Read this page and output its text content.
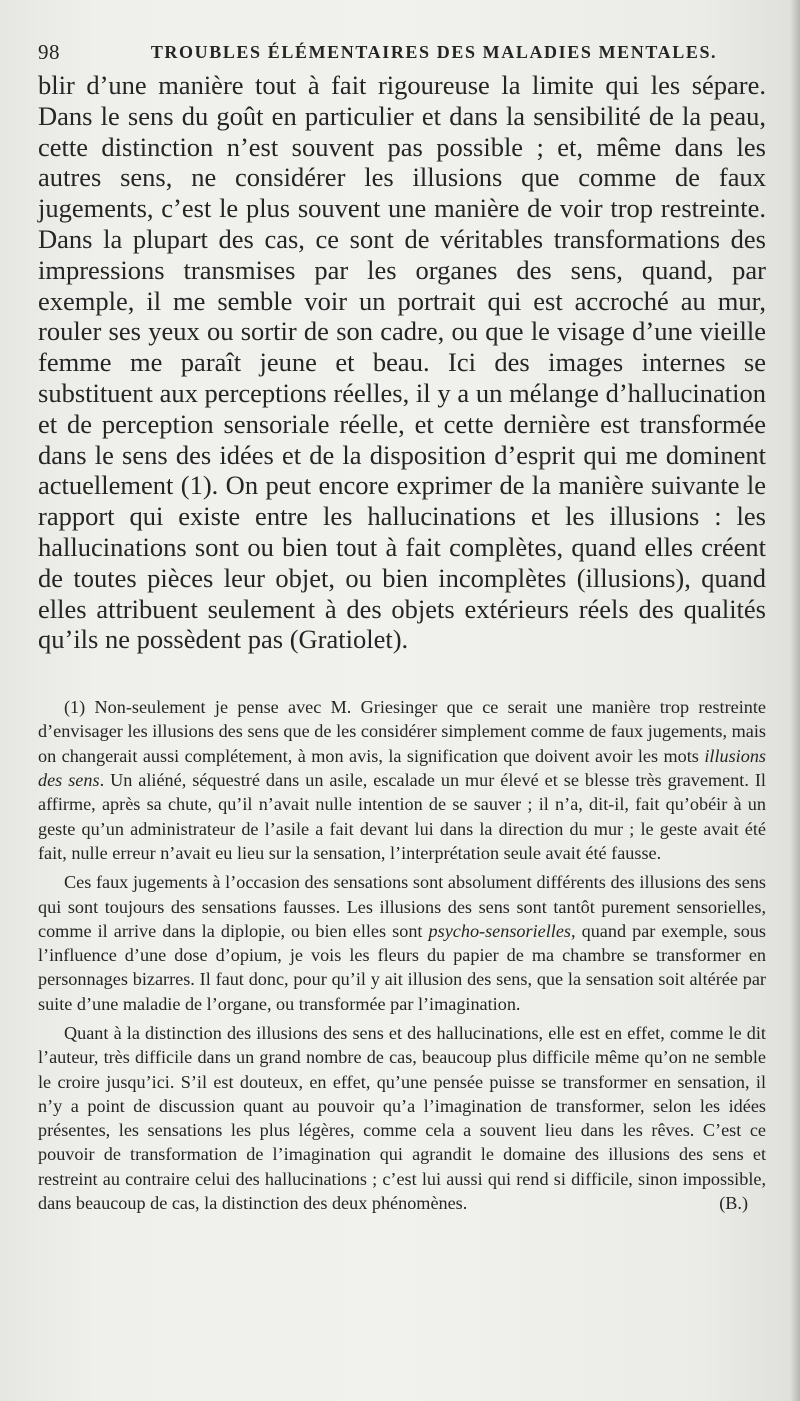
98	TROUBLES ÉLÉMENTAIRES DES MALADIES MENTALES.

blir d’une manière tout à fait rigoureuse la limite qui les sépare. Dans le sens du goût en particulier et dans la sensibilité de la peau, cette distinction n’est souvent pas possible ; et, même dans les autres sens, ne considérer les illusions que comme de faux jugements, c’est le plus souvent une manière de voir trop restreinte. Dans la plupart des cas, ce sont de véritables transformations des impressions transmises par les organes des sens, quand, par exemple, il me semble voir un portrait qui est accroché au mur, rouler ses yeux ou sortir de son cadre, ou que le visage d’une vieille femme me paraît jeune et beau. Ici des images internes se substituent aux perceptions réelles, il y a un mélange d’hallucination et de perception sensoriale réelle, et cette dernière est transformée dans le sens des idées et de la disposition d’esprit qui me dominent actuellement (1). On peut encore exprimer de la manière suivante le rapport qui existe entre les hallucinations et les illusions : les hallucinations sont ou bien tout à fait complètes, quand elles créent de toutes pièces leur objet, ou bien incomplètes (illusions), quand elles attribuent seulement à des objets extérieurs réels des qualités qu’ils ne possèdent pas (Gratiolet).

(1) Non-seulement je pense avec M. Griesinger que ce serait une manière trop restreinte d’envisager les illusions des sens que de les considérer simplement comme de faux jugements, mais on changerait aussi complétement, à mon avis, la signification que doivent avoir les mots illusions des sens. Un aliéné, séquestré dans un asile, escalade un mur élevé et se blesse très gravement. Il affirme, après sa chute, qu’il n’avait nulle intention de se sauver ; il n’a, dit-il, fait qu’obéir à un geste qu’un administrateur de l’asile a fait devant lui dans la direction du mur ; le geste avait été fait, nulle erreur n’avait eu lieu sur la sensation, l’interprétation seule avait été fausse.

Ces faux jugements à l’occasion des sensations sont absolument différents des illusions des sens qui sont toujours des sensations fausses. Les illusions des sens sont tantôt purement sensorielles, comme il arrive dans la diplopie, ou bien elles sont psycho-sensorielles, quand par exemple, sous l’influence d’une dose d’opium, je vois les fleurs du papier de ma chambre se transformer en personnages bizarres. Il faut donc, pour qu’il y ait illusion des sens, que la sensation soit altérée par suite d’une maladie de l’organe, ou transformée par l’imagination.

Quant à la distinction des illusions des sens et des hallucinations, elle est en effet, comme le dit l’auteur, très difficile dans un grand nombre de cas, beaucoup plus difficile même qu’on ne semble le croire jusqu’ici. S’il est douteux, en effet, qu’une pensée puisse se transformer en sensation, il n’y a point de discussion quant au pouvoir qu’a l’imagination de transformer, selon les idées présentes, les sensations les plus légères, comme cela a souvent lieu dans les rêves. C’est ce pouvoir de transformation de l’imagination qui agrandit le domaine des illusions des sens et restreint au contraire celui des hallucinations ; c’est lui aussi qui rend si difficile, sinon impossible, dans beaucoup de cas, la distinction des deux phénomènes.	(B.)
